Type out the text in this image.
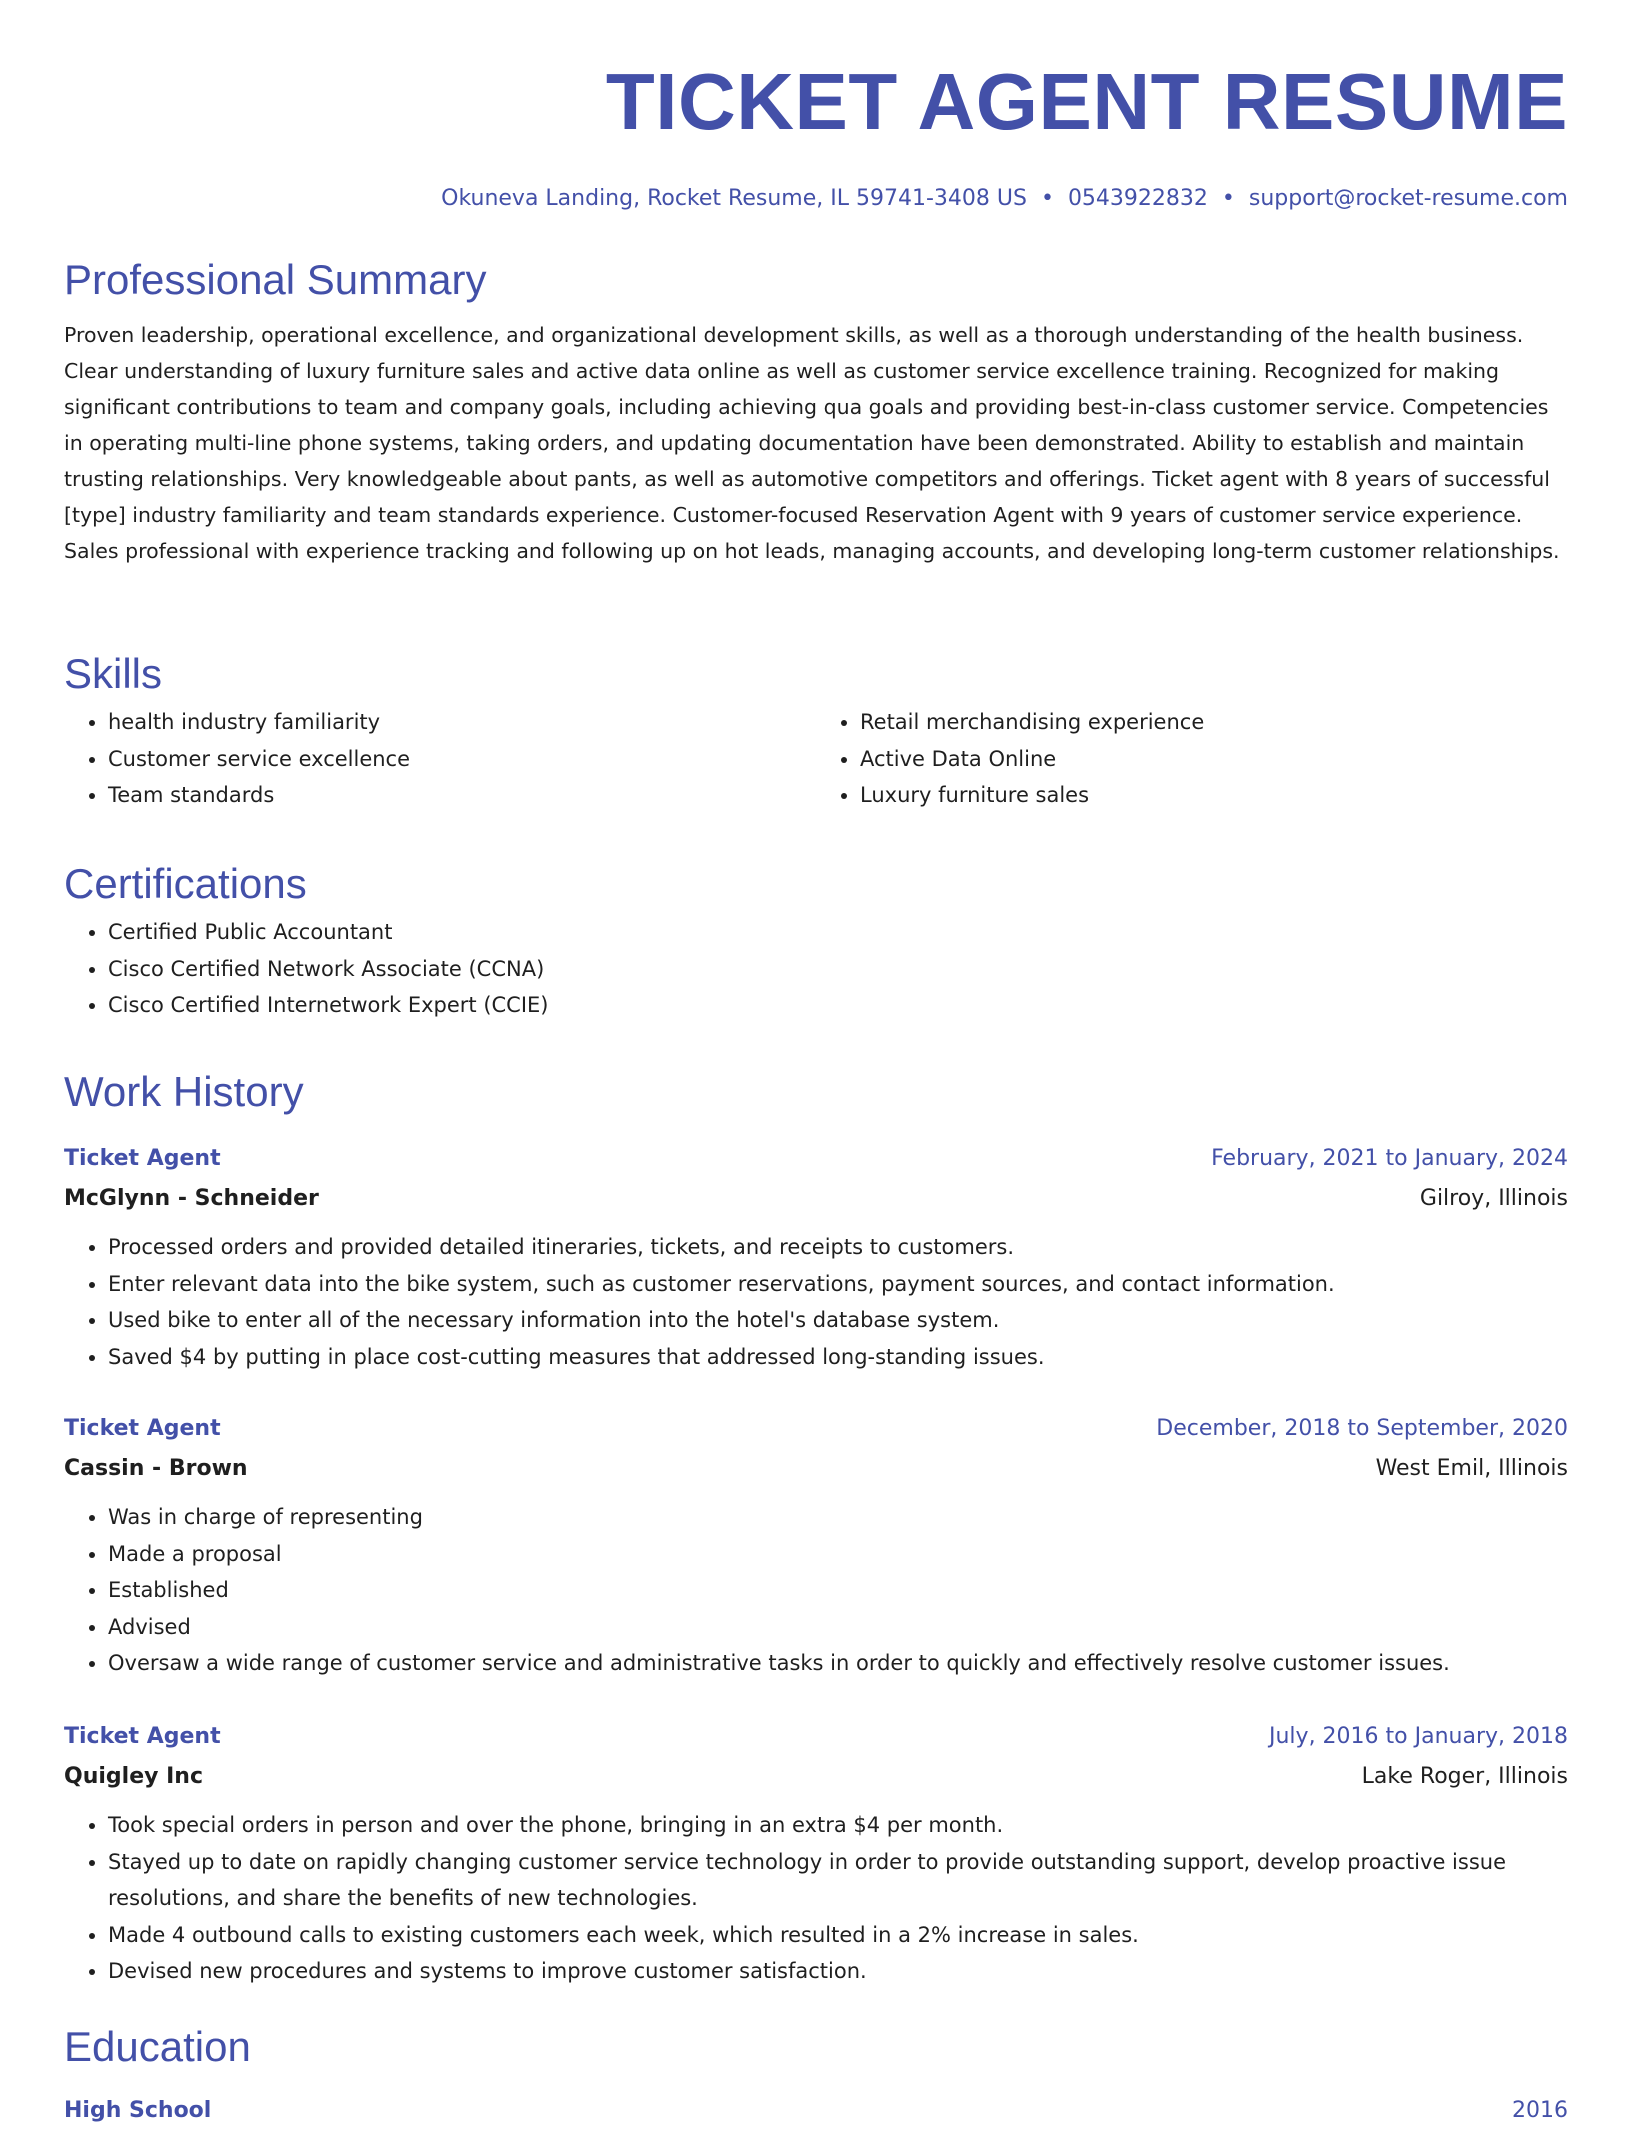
TICKET AGENT RESUME
Okuneva Landing, Rocket Resume, IL 59741-3408 US • 0543922832 • support@rocket-resume.com
Professional Summary

Proven leadership, operational excellence, and organizational development skills, as well as a thorough understanding of the health business. Clear understanding of luxury furniture sales and active data online as well as customer service excellence training. Recognized for making significant contributions to team and company goals, including achieving qua goals and providing best-in-class customer service. Competencies in operating multi-line phone systems, taking orders, and updating documentation have been demonstrated. Ability to establish and maintain trusting relationships. Very knowledgeable about pants, as well as automotive competitors and offerings. Ticket agent with 8 years of successful [type] industry familiarity and team standards experience. Customer-focused Reservation Agent with 9 years of customer service experience. Sales professional with experience tracking and following up on hot leads, managing accounts, and developing long-term customer relationships.

Skills
• health industry familiarity
• Customer service excellence
• Team standards
• Retail merchandising experience
• Active Data Online
• Luxury furniture sales
Certifications
• Certified Public Accountant
• Cisco Certified Network Associate (CCNA)
• Cisco Certified Internetwork Expert (CCIE)
Work History
Ticket Agent	February, 2021 to January, 2024
McGlynn - Schneider	Gilroy, Illinois
• Processed orders and provided detailed itineraries, tickets, and receipts to customers.
• Enter relevant data into the bike system, such as customer reservations, payment sources, and contact information.
• Used bike to enter all of the necessary information into the hotel's database system.
• Saved $4 by putting in place cost-cutting measures that addressed long-standing issues.
Ticket Agent	December, 2018 to September, 2020
Cassin - Brown	West Emil, Illinois
• Was in charge of representing
• Made a proposal
• Established
• Advised
• Oversaw a wide range of customer service and administrative tasks in order to quickly and effectively resolve customer issues.
Ticket Agent	July, 2016 to January, 2018
Quigley Inc	Lake Roger, Illinois
• Took special orders in person and over the phone, bringing in an extra $4 per month.
• Stayed up to date on rapidly changing customer service technology in order to provide outstanding support, develop proactive issue resolutions, and share the benefits of new technologies.
• Made 4 outbound calls to existing customers each week, which resulted in a 2% increase in sales.
• Devised new procedures and systems to improve customer satisfaction.
Education
High School	2016
